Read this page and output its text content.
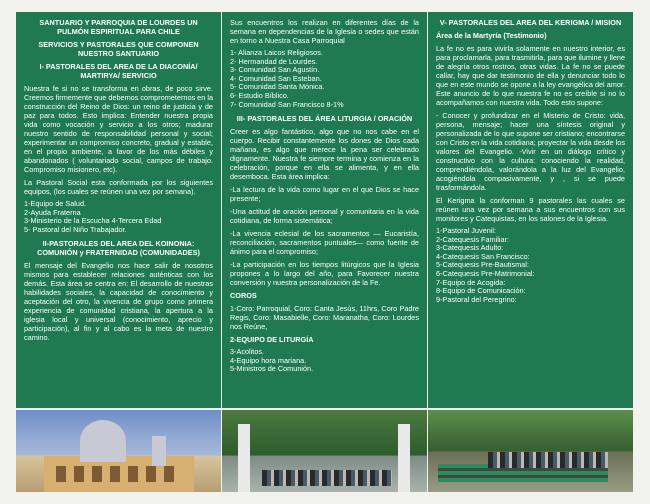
SANTUARIO Y PARROQUIA DE LOURDES UN PULMÓN ESPIRITUAL PARA CHILE

SERVICIOS Y PASTORALES QUE COMPONEN NUESTRO SANTUARIO

I- PASTORALES DEL AREA DE LA DIACONÍA/ MARTIRYA/ SERVICIO

Nuestra fe si no se transforma en obras, de poco sirve. Creemos firmemente que debemos comprometernos en la construcción del Reino de Dios: un reino de justicia y de paz para todos. Esto implica: Entender nuestra propia vida como vocación y servicio a los otros; madurar nuestro sentido de responsabilidad personal y social; experimentar un compromiso concreto, gradual y estable, en el propio ambiente, a favor de los más débiles y abandonados ( voluntariado social, campos de trabajo. Compromiso misionero, etc).

La Pastoral Social esta conformada por los siguientes equipos, (los cuales se reúnen una vez por semana).

1-Equipo de Salud.
2-Ayuda Fraterna
3-Ministerio de la Escucha 4-Tercera Edad
5- Pastoral del Niño Trabajador.

II-PASTORALES DEL AREA DEL KOINONIA: COMUNIÓN y FRATERNIDAD (COMUNIDADES)

El mensaje del Evangelio nos hace salir de nosotros mismos para establecer relaciones auténticas con los demás. Esta área se centra en: El desarrollo de nuestras habilidades sociales, la capacidad de conocimiento y aceptación del otro, la vivencia de grupo como primera experiencia de comunidad cristiana, la apertura a la iglesia local y universal (conocimiento, aprecio y participación), al fin y al cabo es la meta de nuestro camino.

Sus encuentros los realizan en diferentes días de la semana en dependencias de la Iglesia o sedes que están en torno a Nuestra Casa Parroquial

1- Alianza Laicos Religiosos.
2- Hermandad de Lourdes.
3- Comunidad San Agustín.
4- Comunidad San Esteban.
5- Comunidad Santa Mónica.
6- Estudio Bíblico.
7- Comunidad San Francisco 8-1%

III- PASTORALES DEL ÁREA LITURGIA / ORACIÓN

Creer es algo fantástico, algo que no nos cabe en el cuerpo. Recibir constantemente los dones de Dios cada mañana, es algo que merece la pena ser celebrado dignamente. Nuestra fe siempre termina y comienza en la celebración, porque en ella se alimenta, y en ella desemboca. Esta área implica:

-La lectura de la vida como lugar en el que Dios se hace presente;

-Una actitud de oración personal y comunitaria en la vida cotidiana, de forma sistemática;

-La vivencia eclesial de los sacramentos — Eucaristía, reconciliación, sacramentos puntuales— como fuente de ánimo para el compromiso;

-La participación en los tiempos litúrgicos que la Iglesia propones a lo largo del año, para Favorecer nuestra conversión y nuestra personalización de la Fe.

COROS

1-Coro: Parroquial, Coro: Canta Jesús, 11hrs, Coro Padre Regis, Coro: Masabielle, Coro: Maranatha, Coro: Lourdes nos Reúne,

2-EQUIPO DE LITURGÍA

3-Acolitos.
4-Equipo hora mariana.
5-Ministros de Comunión.

V- PASTORALES DEL AREA DEL KERIGMA / MISION

Área de la Martyría (Testimonio)

La fe no es para vivirla solamente en nuestro interior, es para proclamarla, para trasmitirla, para que ilumine y llene de alegría otros rostros, otras vidas. La fe no se puede callar, hay que dar testimonio de ella y denunciar todo lo que en este mundo se opone a la ley evangélica del amor. Este anuncio de lo que nuestra fe no es creíble si no lo acompañamos con nuestra vida. Todo esto supone:

- Conocer y profundizar en el Misterio de Cristo: vida, persona, mensaje; hacer una síntesis original y personalizada de lo que supone ser cristiano; encontrarse con Cristo en la vida cotidiana; proyectar la vida desde los valores del Evangelio. -Vivir en un diálogo crítico y constructivo con la cultura: conociendo la realidad, comprendiéndola, valorándola a la luz del Evangelio, acogiéndola compasivamente, y , si se puede trasformándola.

El Kerigma la conforman 9 pastorales las cuales se reúnen una vez por semana a sus encuentros con sus monitores y Catequistas, en los salones de la Iglesia.

1-Pastoral Juvenil:
2-Catequesis Familiar:
3-Catequesis Adulto:
4-Catequesis San Francisco:
5-Catequesis Pre-Bautismal:
6-Catequesis Pre-Matrimonial:
7-Equipo de Acogida:
8-Equipo de Comunicación:
9-Pastoral del Peregrino:
